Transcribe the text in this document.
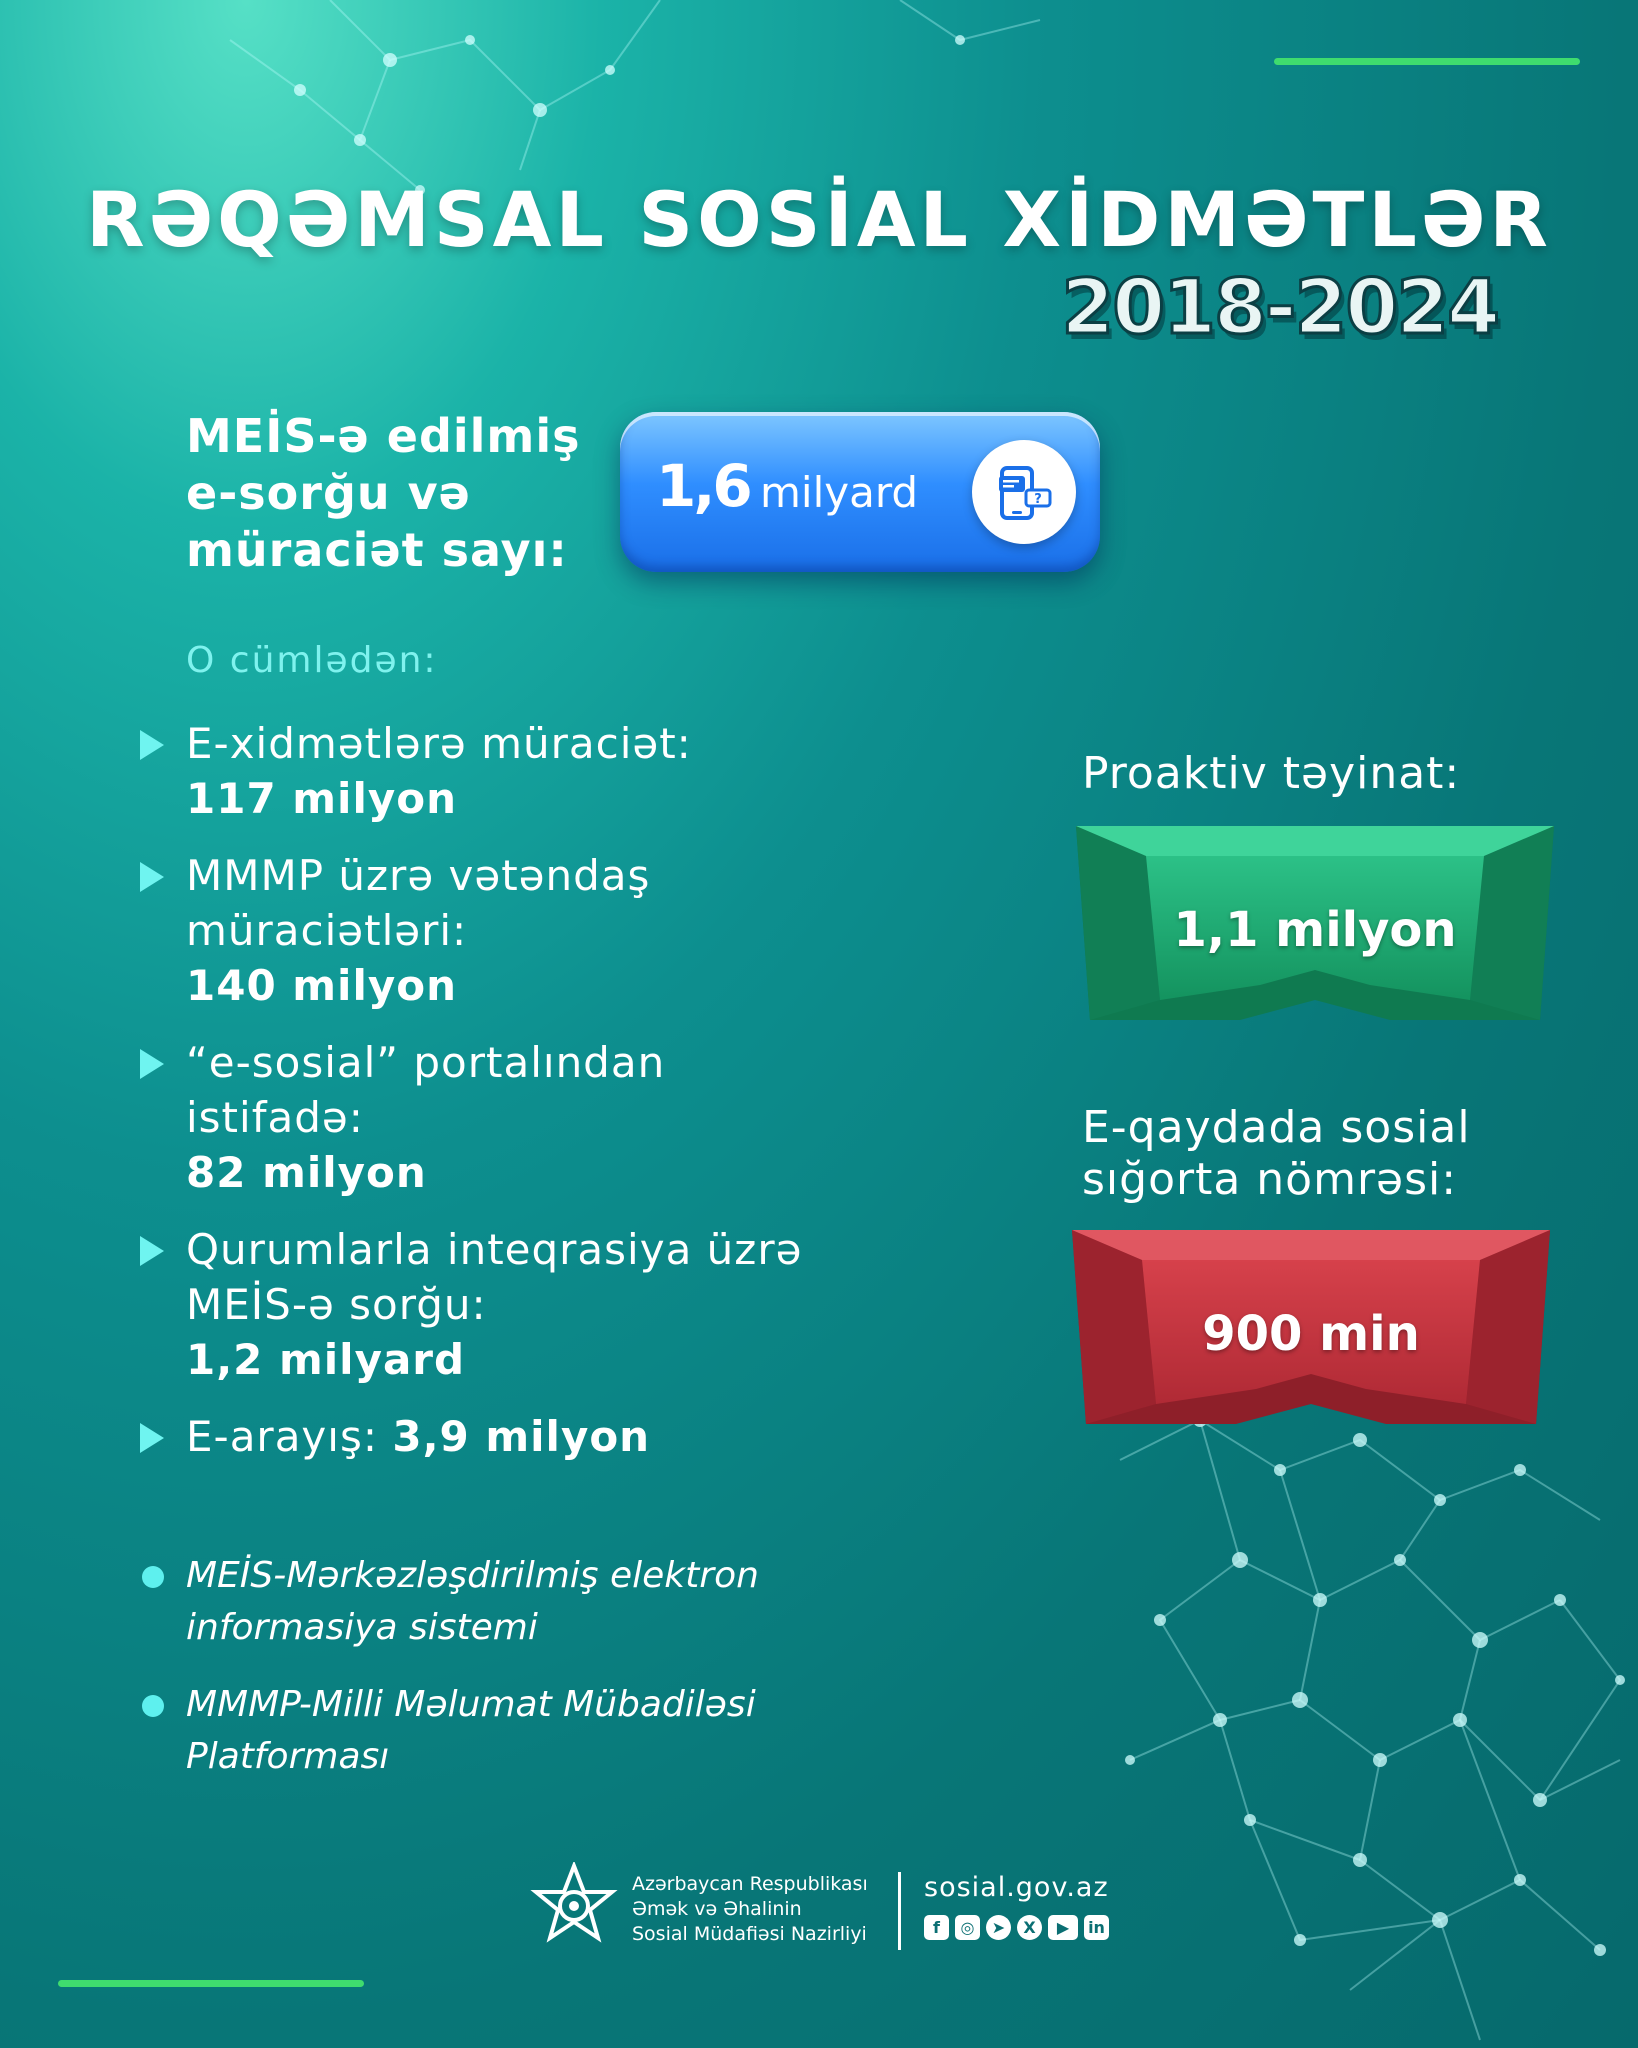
RƏQƏMSAL SOSİAL XİDMƏTLƏR
2018-2024
MEİS-ə edilmiş e-sorğu və müraciət sayı:
1,6 milyard	?
O cümlədən:
E-xidmətlərə müraciət:
117 milyon
MMMP üzrə vətəndaş müraciətləri:
140 milyon
“e-sosial” portalından istifadə:
82 milyon
Qurumlarla inteqrasiya üzrə MEİS-ə sorğu:
1,2 milyard
E-arayış: 3,9 milyon
MEİS-Mərkəzləşdirilmiş elektron informasiya sistemi
MMMP-Milli Məlumat Mübadiləsi Platforması
Proaktiv təyinat:
1,1 milyon
E-qaydada sosial sığorta nömrəsi:
900 min
Azərbaycan Respublikası
Əmək və Əhalinin
Sosial Müdafiəsi Nazirliyi
sosial.gov.az
f	◎	➤	X	▶	in
